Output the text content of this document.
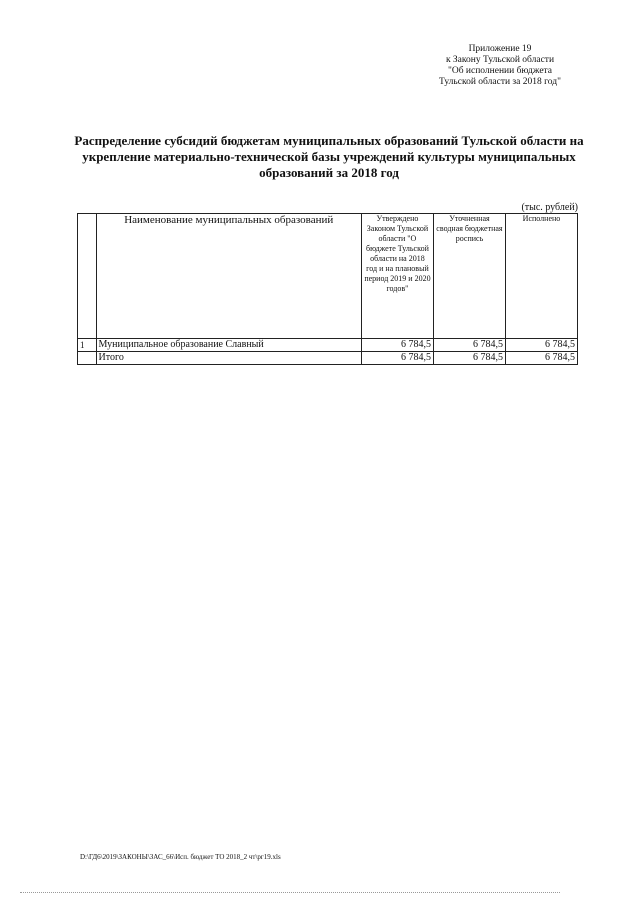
Приложение 19
к Закону Тульской области
"Об исполнении бюджета
Тульской области за 2018 год"
Распределение субсидий бюджетам муниципальных образований Тульской области на
укрепление материально-технической базы учреждений культуры муниципальных
образований за 2018 год
(тыс. рублей)
	Наименование муниципальных образований	Утверждено Законом Тульской области "О бюджете Тульской области на 2018 год и на плановый период 2019 и 2020 годов"	Уточненная сводная бюджетная роспись	Исполнено
1	Муниципальное образование Славный	6 784,5	6 784,5	6 784,5
	Итого	6 784,5	6 784,5	6 784,5
D:\ГД6\2019\ЗАКОНЫ\ЗАС_66\Исп. бюджет ТО 2018_2 чт\рг19.xls
